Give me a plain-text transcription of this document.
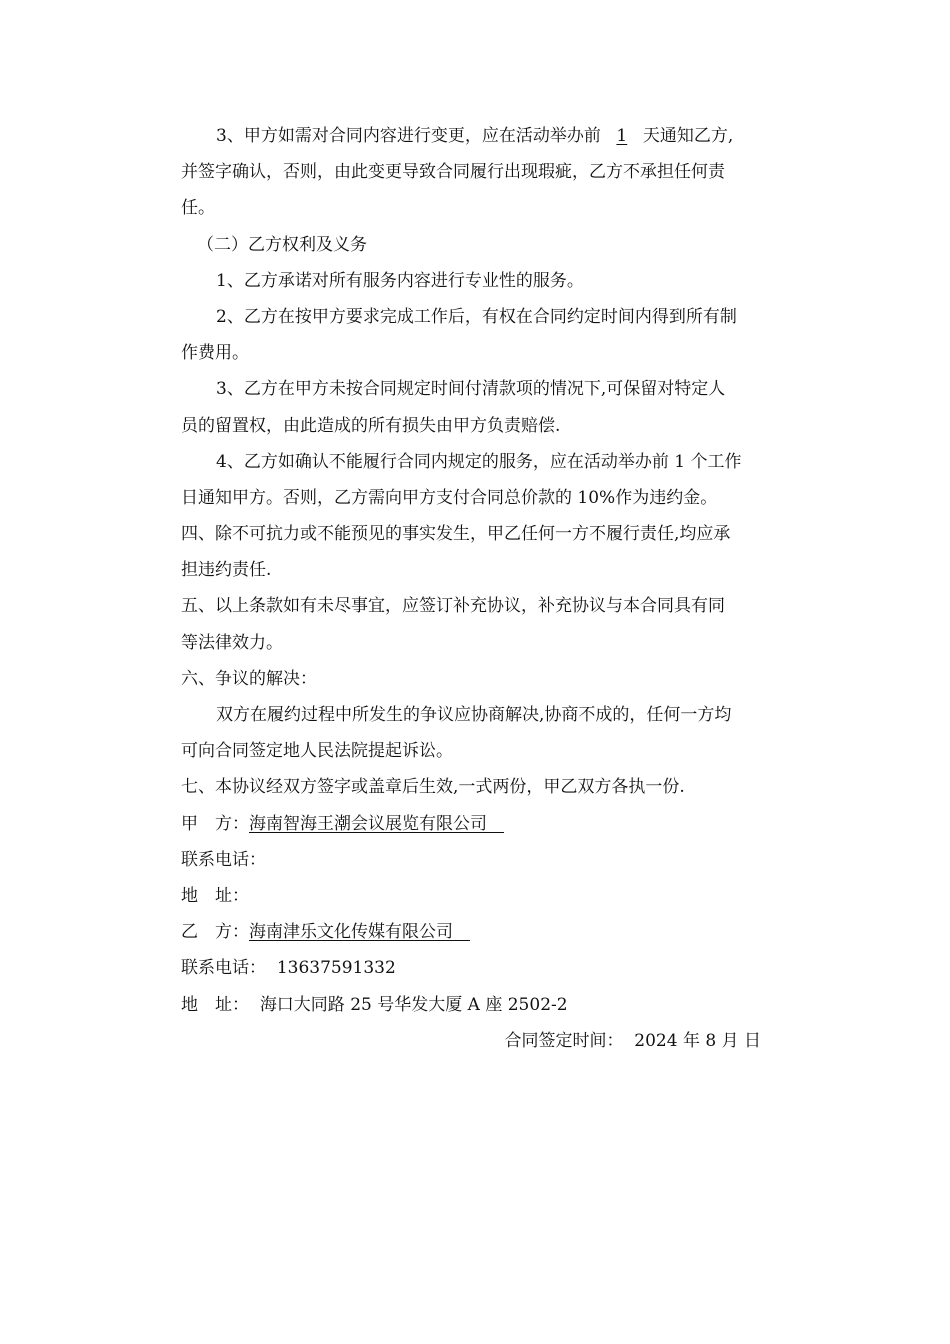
3、甲方如需对合同内容进行变更，应在活动举办前 1 天通知乙方,
并签字确认，否则，由此变更导致合同履行出现瑕疵，乙方不承担任何责
任。
（二）乙方权利及义务
1、乙方承诺对所有服务内容进行专业性的服务。
2、乙方在按甲方要求完成工作后，有权在合同约定时间内得到所有制
作费用。
3、乙方在甲方未按合同规定时间付清款项的情况下,可保留对特定人
员的留置权，由此造成的所有损失由甲方负责赔偿.
4、乙方如确认不能履行合同内规定的服务，应在活动举办前 1 个工作
日通知甲方。否则，乙方需向甲方支付合同总价款的 10%作为违约金。
四、除不可抗力或不能预见的事实发生，甲乙任何一方不履行责任,均应承
担违约责任.
五、以上条款如有未尽事宜，应签订补充协议，补充协议与本合同具有同
等法律效力。
六、争议的解决：
双方在履约过程中所发生的争议应协商解决,协商不成的，任何一方均
可向合同签定地人民法院提起诉讼。
七、本协议经双方签字或盖章后生效,一式两份，甲乙双方各执一份.
甲　方：海南智海王潮会议展览有限公司　
联系电话：
地　址：
乙　方：海南津乐文化传媒有限公司　
联系电话： 13637591332
地　址： 海口大同路 25 号华发大厦 A 座 2502-2
合同签定时间： 2024 年 8 月 日
